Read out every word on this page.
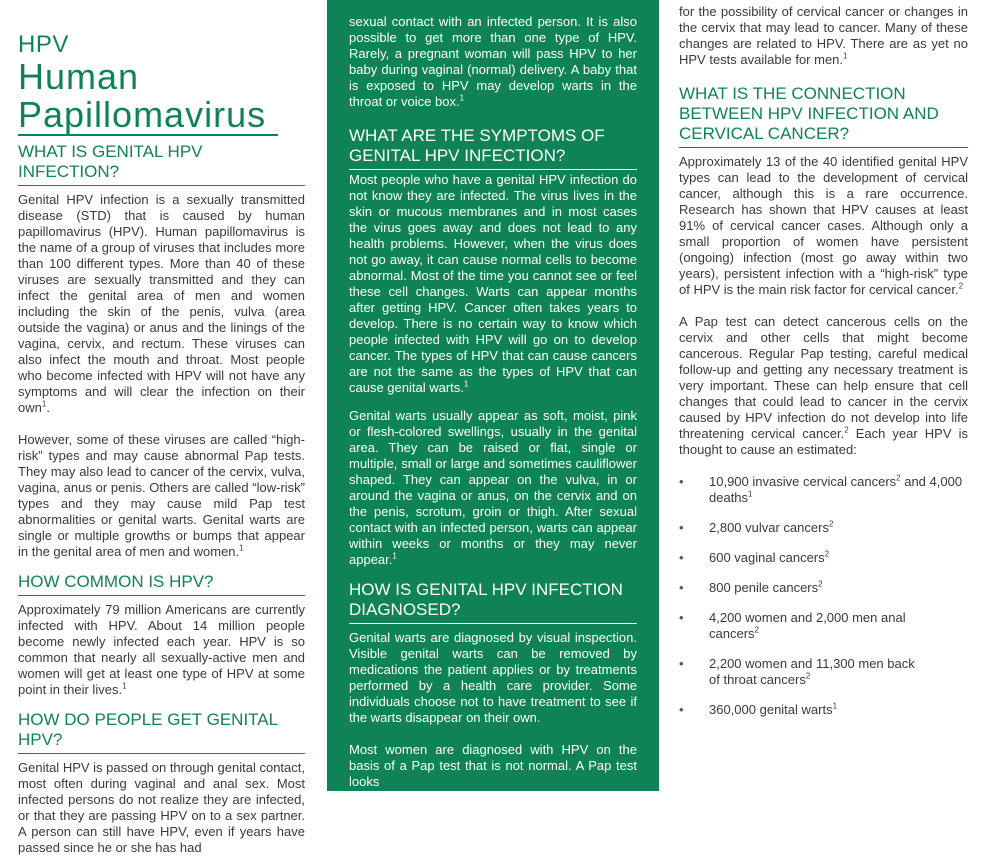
HPV
Human
Papillomavirus
WHAT IS GENITAL HPV INFECTION?

Genital HPV infection is a sexually transmitted disease (STD) that is caused by human papillomavirus (HPV). Human papillomavirus is the name of a group of viruses that includes more than 100 different types. More than 40 of these viruses are sexually transmitted and they can infect the genital area of men and women including the skin of the penis, vulva (area outside the vagina) or anus and the linings of the vagina, cervix, and rectum. These viruses can also infect the mouth and throat. Most people who become infected with HPV will not have any symptoms and will clear the infection on their own$^1$.

However, some of these viruses are called “high-risk” types and may cause abnormal Pap tests. They may also lead to cancer of the cervix, vulva, vagina, anus or penis. Others are called “low-risk” types and they may cause mild Pap test abnormalities or genital warts. Genital warts are single or multiple growths or bumps that appear in the genital area of men and women.$^1$

HOW COMMON IS HPV?

Approximately 79 million Americans are currently infected with HPV. About 14 million people become newly infected each year. HPV is so common that nearly all sexually-active men and women will get at least one type of HPV at some point in their lives.$^1$

HOW DO PEOPLE GET GENITAL HPV?

Genital HPV is passed on through genital contact, most often during vaginal and anal sex. Most infected persons do not realize they are infected, or that they are passing HPV on to a sex partner. A person can still have HPV, even if years have passed since he or she has had

sexual contact with an infected person. It is also possible to get more than one type of HPV. Rarely, a pregnant woman will pass HPV to her baby during vaginal (normal) delivery. A baby that is exposed to HPV may develop warts in the throat or voice box.$^1$

WHAT ARE THE SYMPTOMS OF GENITAL HPV INFECTION?

Most people who have a genital HPV infection do not know they are infected. The virus lives in the skin or mucous membranes and in most cases the virus goes away and does not lead to any health problems. However, when the virus does not go away, it can cause normal cells to become abnormal. Most of the time you cannot see or feel these cell changes. Warts can appear months after getting HPV. Cancer often takes years to develop. There is no certain way to know which people infected with HPV will go on to develop cancer. The types of HPV that can cause cancers are not the same as the types of HPV that can cause genital warts.$^1$

Genital warts usually appear as soft, moist, pink or flesh-colored swellings, usually in the genital area. They can be raised or flat, single or multiple, small or large and sometimes cauliflower shaped. They can appear on the vulva, in or around the vagina or anus, on the cervix and on the penis, scrotum, groin or thigh. After sexual contact with an infected person, warts can appear within weeks or months or they may never appear.$^1$

HOW IS GENITAL HPV INFECTION DIAGNOSED?

Genital warts are diagnosed by visual inspection. Visible genital warts can be removed by medications the patient applies or by treatments performed by a health care provider. Some individuals choose not to have treatment to see if the warts disappear on their own.

Most women are diagnosed with HPV on the basis of a Pap test that is not normal. A Pap test looks

for the possibility of cervical cancer or changes in the cervix that may lead to cancer. Many of these changes are related to HPV. There are as yet no HPV tests available for men.$^1$

WHAT IS THE CONNECTION BETWEEN HPV INFECTION AND CERVICAL CANCER?

Approximately 13 of the 40 identified genital HPV types can lead to the development of cervical cancer, although this is a rare occurrence. Research has shown that HPV causes at least 91% of cervical cancer cases. Although only a small proportion of women have persistent (ongoing) infection (most go away within two years), persistent infection with a “high-risk” type of HPV is the main risk factor for cervical cancer.$^2$

A Pap test can detect cancerous cells on the cervix and other cells that might become cancerous. Regular Pap testing, careful medical follow-up and getting any necessary treatment is very important. These can help ensure that cell changes that could lead to cancer in the cervix caused by HPV infection do not develop into life threatening cervical cancer.$^2$ Each year HPV is thought to cause an estimated:

• 10,900 invasive cervical cancers$^2$ and 4,000 deaths$^1$
• 2,800 vulvar cancers$^2$
• 600 vaginal cancers$^2$
• 800 penile cancers$^2$
• 4,200 women and 2,000 men anal cancers$^2$
• 2,200 women and 11,300 men back of throat cancers$^2$
• 360,000 genital warts$^1$
